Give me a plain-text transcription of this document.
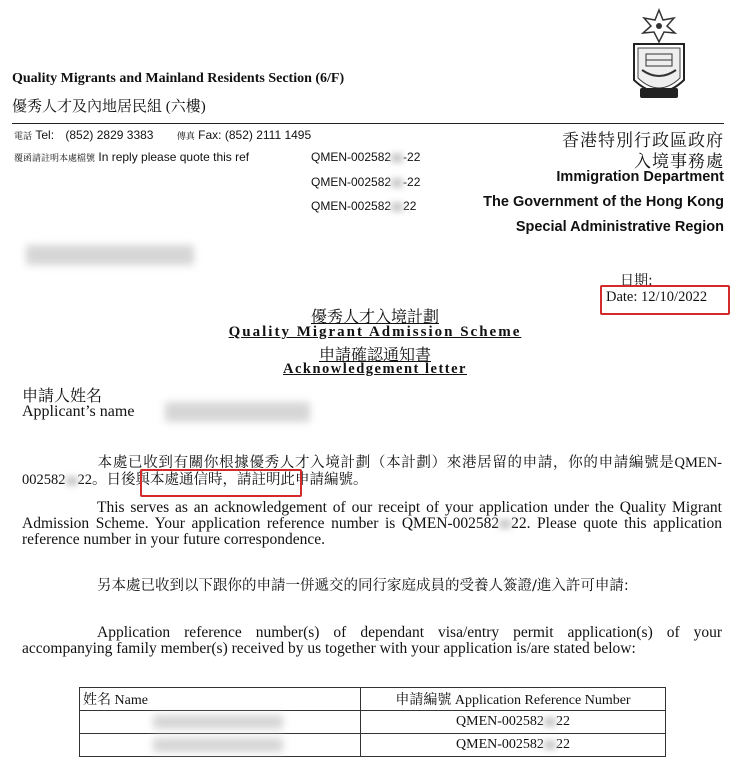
Quality Migrants and Mainland Residents Section (6/F)
優秀人才及內地居民組 (六樓)
電話 Tel: (852) 2829 3383	傳真 Fax: (852) 2111 1495
覆函請註明本處檔號 In reply please quote this ref	QMEN-002582 -22
QMEN-002582 -22
QMEN-002582 22
香港特別行政區政府
入境事務處
Immigration Department
The Government of the Hong Kong
Special Administrative Region
日期:
Date: 12/10/2022
優秀人才入境計劃
Quality Migrant Admission Scheme
申請確認通知書
Acknowledgement letter
申請人姓名
Applicant’s name
本處已收到有關你根據優秀人才入境計劃（本計劃）來港居留的申請，你的申請編號是QMEN-002582 22。日後與本處通信時，請註明此申請編號。
This serves as an acknowledgement of our receipt of your application under the Quality Migrant Admission Scheme. Your application reference number is QMEN-002582 22. Please quote this application reference number in your future correspondence.
另本處已收到以下跟你的申請一併遞交的同行家庭成員的受養人簽證/進入許可申請:
Application reference number(s) of dependant visa/entry permit application(s) of your accompanying family member(s) received by us together with your application is/are stated below:
姓名 Name	申請編號 Application Reference Number

	QMEN-002582 22

	QMEN-002582 22
